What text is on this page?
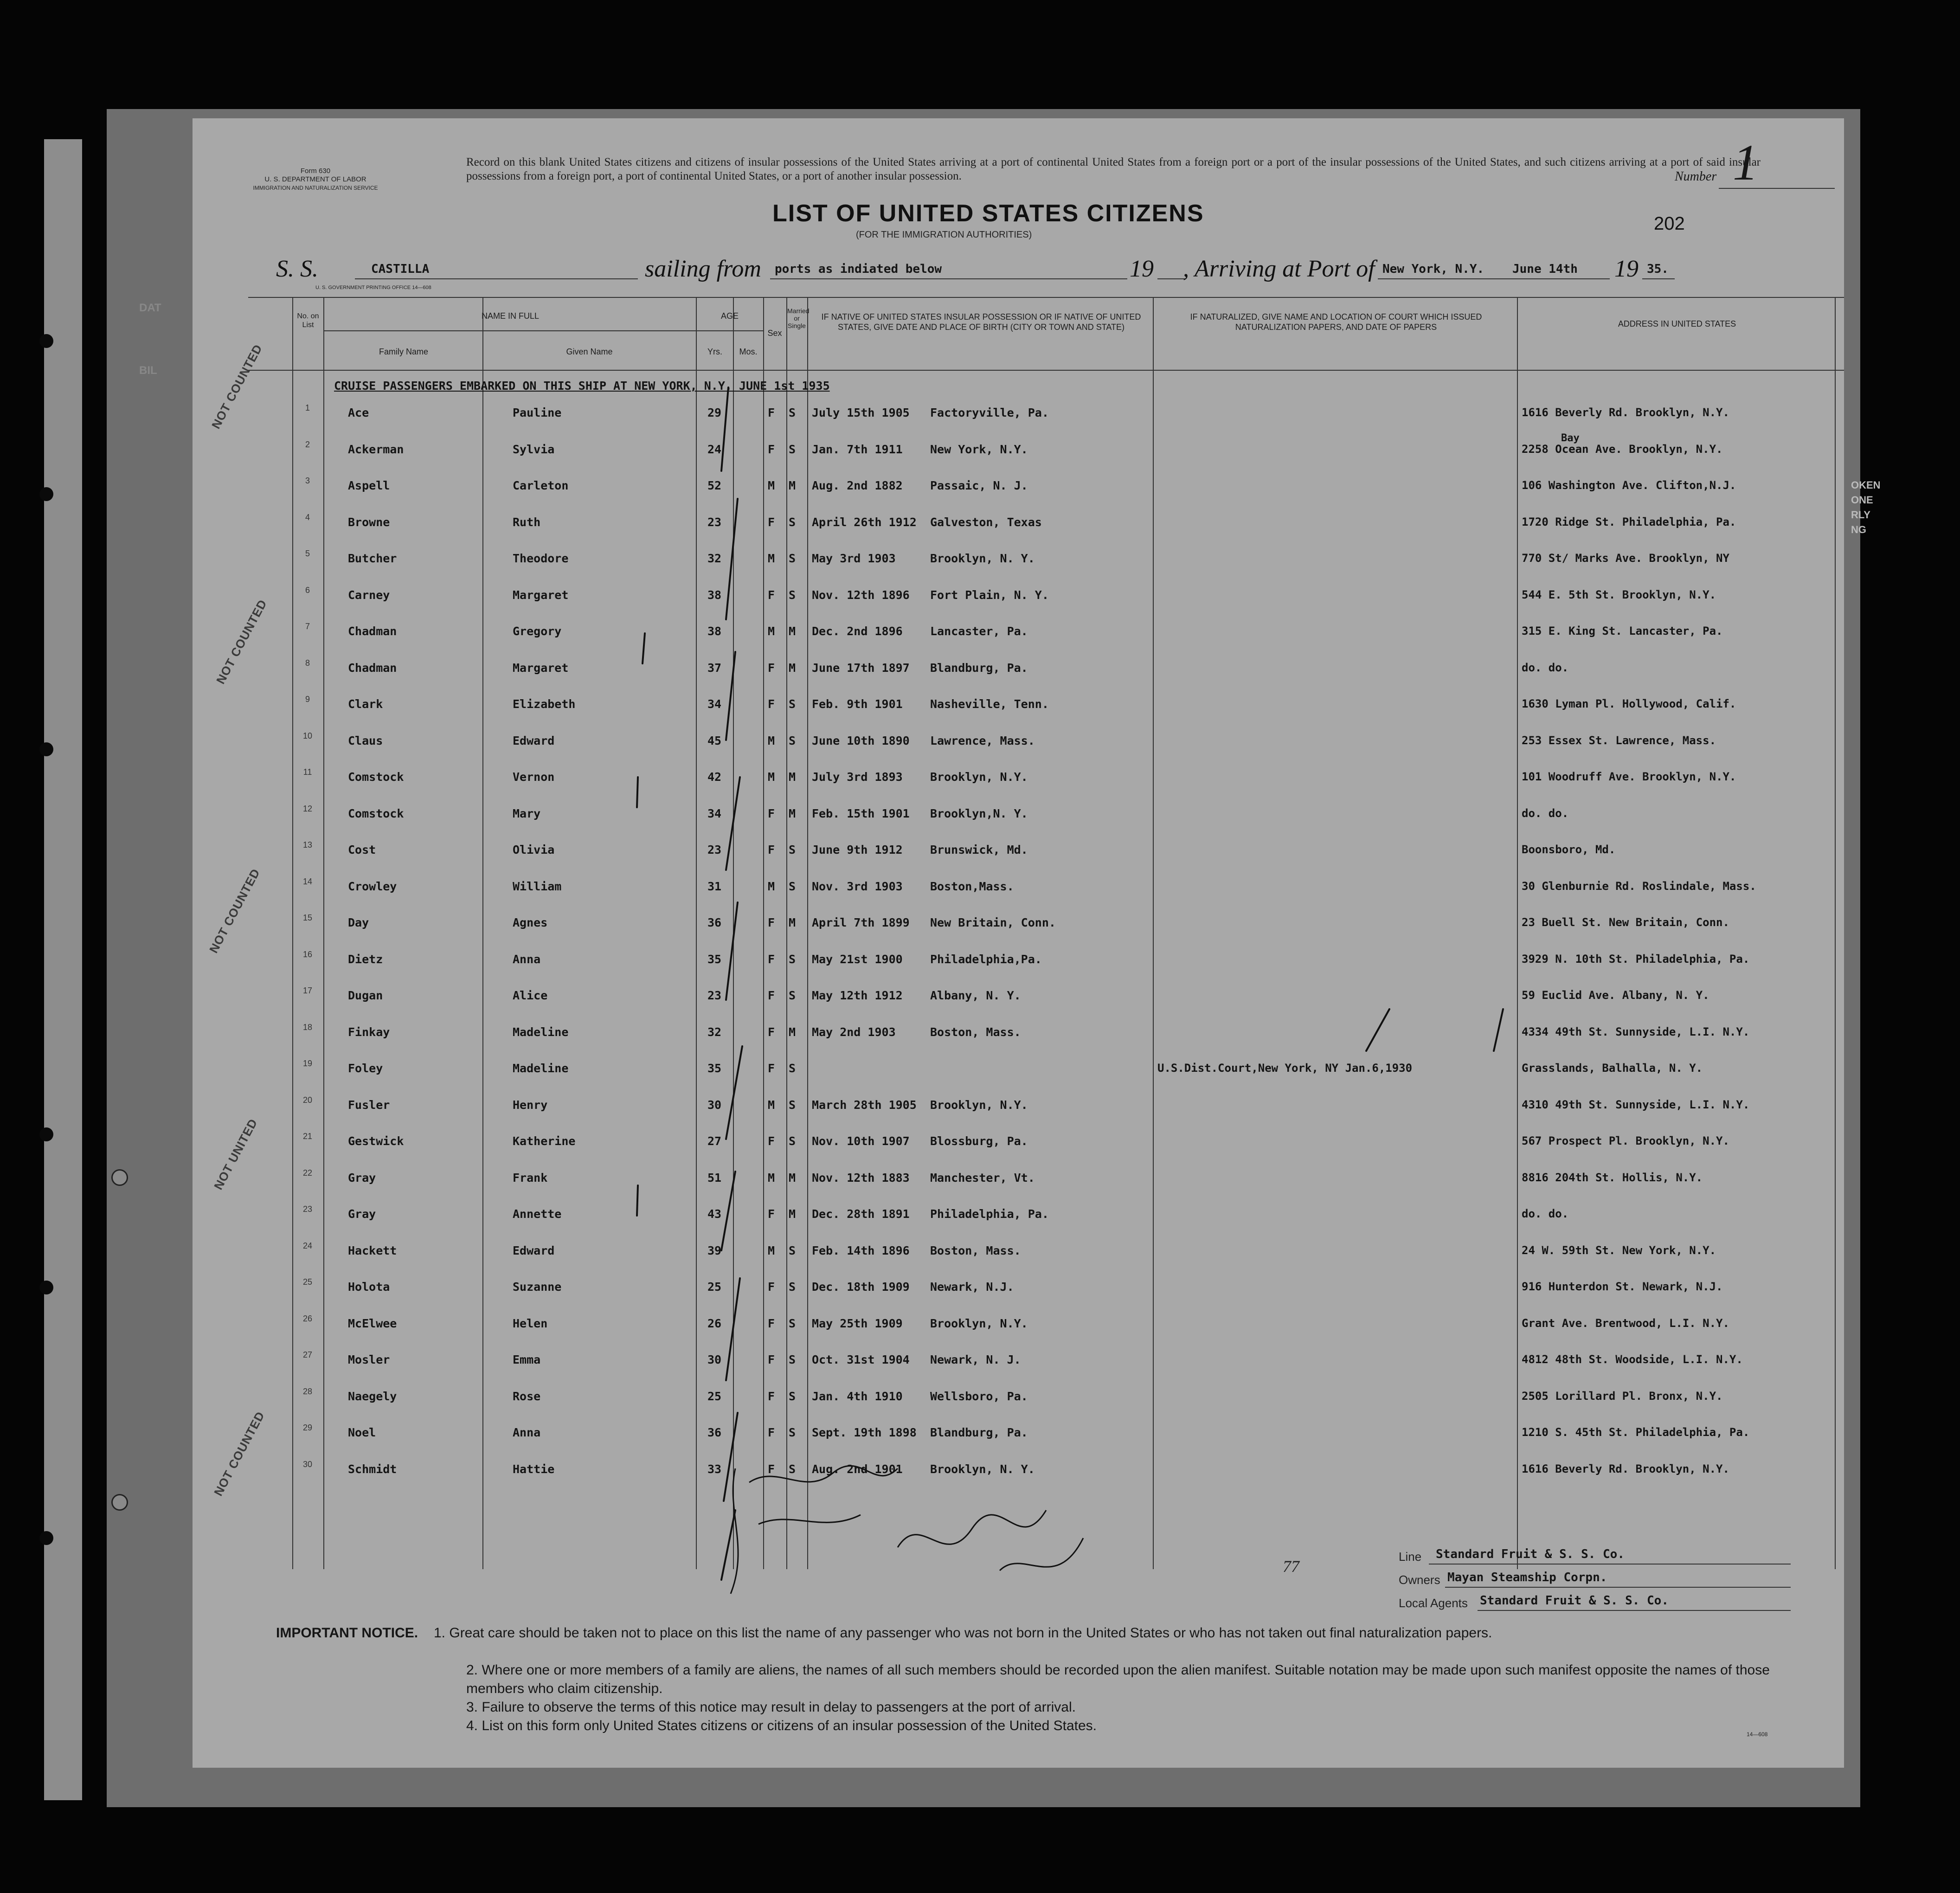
DAT
BIL
OKEN
ONE
RLY
NG
Form 630
U. S. DEPARTMENT OF LABOR
IMMIGRATION AND NATURALIZATION SERVICE
Record on this blank United States citizens and citizens of insular possessions of the United States arriving at a port of continental United States from a foreign port or a port of the insular possessions of the United States, and such citizens arriving at a port of said insular possessions from a foreign port, a port of continental United States, or a port of another insular possession.	Number 1
LIST OF UNITED STATES CITIZENS
(FOR THE IMMIGRATION AUTHORITIES)
202
S. S.	CASTILLA	sailing from ports as indiated below	19 , Arriving at Port of New York, N.Y. June 14th 19 35.
U. S. GOVERNMENT PRINTING OFFICE 14—608
No. on List
NAME IN FULL
Family Name	Given Name
AGE
Yrs.	Mos.
Sex
Married or Single
IF NATIVE OF UNITED STATES INSULAR POSSESSION OR IF NATIVE OF UNITED STATES, GIVE DATE AND PLACE OF BIRTH (CITY OR TOWN AND STATE)
IF NATURALIZED, GIVE NAME AND LOCATION OF COURT WHICH ISSUED NATURALIZATION PAPERS, AND DATE OF PAPERS	ADDRESS IN UNITED STATES
CRUISE PASSENGERS EMBARKED ON THIS SHIP AT NEW YORK, N.Y. JUNE 1st 1935
1	Ace	Pauline	29	F S July 15th 1905 Factoryville, Pa.	1616 Beverly Rd. Brooklyn, N.Y.
2	Ackerman	Sylvia	24	F S Jan. 7th 1911 New York, N.Y.	2258 Ocean Ave. Brooklyn, N.Y.
3	Aspell	Carleton	52	M M Aug. 2nd 1882 Passaic, N. J.	106 Washington Ave. Clifton,N.J.
4	Browne	Ruth	23	F S April 26th 1912 Galveston, Texas	1720 Ridge St. Philadelphia, Pa.
5	Butcher	Theodore	32	M S May 3rd 1903	Brooklyn, N. Y.	770 St/ Marks Ave. Brooklyn, NY
6	Carney	Margaret	38	F S Nov. 12th 1896 Fort Plain, N. Y.	544 E. 5th St. Brooklyn, N.Y.
7	Chadman	Gregory	38	M M Dec. 2nd 1896 Lancaster, Pa.	315 E. King St. Lancaster, Pa.
8	Chadman	Margaret	37	F M June 17th 1897 Blandburg, Pa.	do. do.
9	Clark	Elizabeth	34	F S Feb. 9th 1901 Nasheville, Tenn.	1630 Lyman Pl. Hollywood, Calif.
10	Claus	Edward	45	M S June 10th 1890 Lawrence, Mass.	253 Essex St. Lawrence, Mass.
11	Comstock	Vernon	42	M M July 3rd 1893 Brooklyn, N.Y.	101 Woodruff Ave. Brooklyn, N.Y.
12	Comstock	Mary	34	F M Feb. 15th 1901 Brooklyn,N. Y.	do. do.
13	Cost	Olivia	23	F S June 9th 1912 Brunswick, Md.	Boonsboro, Md.
14	Crowley	William	31	M S Nov. 3rd 1903 Boston,Mass.	30 Glenburnie Rd. Roslindale, Mass.
15	Day	Agnes	36	F M April 7th 1899 New Britain, Conn.	23 Buell St. New Britain, Conn.
16	Dietz	Anna	35	F S May 21st 1900 Philadelphia,Pa.	3929 N. 10th St. Philadelphia, Pa.
17	Dugan	Alice	23	F S May 12th 1912 Albany, N. Y.	59 Euclid Ave. Albany, N. Y.
18	Finkay	Madeline	32	F M May 2nd 1903	Boston, Mass.	4334 49th St. Sunnyside, L.I. N.Y.
19	Foley	Madeline	35	F S	U.S.Dist.Court,New York, NY Jan.6,1930	Grasslands, Balhalla, N. Y.
20	Fusler	Henry	30	M S March 28th 1905 Brooklyn, N.Y.	4310 49th St. Sunnyside, L.I. N.Y.
21	Gestwick	Katherine	27	F S Nov. 10th 1907 Blossburg, Pa.	567 Prospect Pl. Brooklyn, N.Y.
22	Gray	Frank	51	M M Nov. 12th 1883 Manchester, Vt.	8816 204th St. Hollis, N.Y.
23	Gray	Annette	43	F M Dec. 28th 1891 Philadelphia, Pa.	do. do.
24	Hackett	Edward	39	M S Feb. 14th 1896 Boston, Mass.	24 W. 59th St. New York, N.Y.
25	Holota	Suzanne	25	F S Dec. 18th 1909 Newark, N.J.	916 Hunterdon St. Newark, N.J.
26	McElwee	Helen	26	F S May 25th 1909 Brooklyn, N.Y.	Grant Ave. Brentwood, L.I. N.Y.
27	Mosler	Emma	30	F S Oct. 31st 1904 Newark, N. J.	4812 48th St. Woodside, L.I. N.Y.
28	Naegely	Rose	25	F S Jan. 4th 1910 Wellsboro, Pa.	2505 Lorillard Pl. Bronx, N.Y.
29	Noel	Anna	36	F S Sept. 19th 1898 Blandburg, Pa.	1210 S. 45th St. Philadelphia, Pa.
30	Schmidt	Hattie	33	F S Aug. 2nd 1901 Brooklyn, N. Y.	1616 Beverly Rd. Brooklyn, N.Y.
Bay
NOT COUNTED
NOT COUNTED
NOT COUNTED
NOT UNITED
NOT COUNTED
77
Line Standard Fruit & S. S. Co.
Owners Mayan Steamship Corpn.
Local Agents Standard Fruit & S. S. Co.
IMPORTANT NOTICE. 1. Great care should be taken not to place on this list the name of any passenger who was not born in the United States or who has not taken out final naturalization papers.
2. Where one or more members of a family are aliens, the names of all such members should be recorded upon the alien manifest. Suitable notation may be made upon such manifest opposite the names of those members who claim citizenship.
3. Failure to observe the terms of this notice may result in delay to passengers at the port of arrival.
4. List on this form only United States citizens or citizens of an insular possession of the United States.
14—608
